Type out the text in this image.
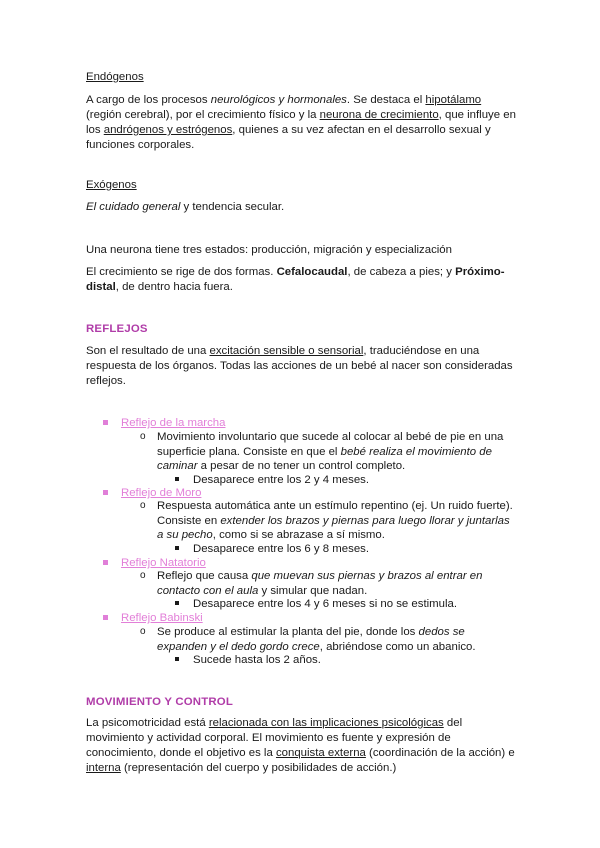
Endógenos

A cargo de los procesos neurológicos y hormonales. Se destaca el hipotálamo (región cerebral), por el crecimiento físico y la neurona de crecimiento, que influye en los andrógenos y estrógenos, quienes a su vez afectan en el desarrollo sexual y funciones corporales.

Exógenos

El cuidado general y tendencia secular.

Una neurona tiene tres estados: producción, migración y especialización

El crecimiento se rige de dos formas. Cefalocaudal, de cabeza a pies; y Próximo-distal, de dentro hacia fuera.

REFLEJOS

Son el resultado de una excitación sensible o sensorial, traduciéndose en una respuesta de los órganos. Todas las acciones de un bebé al nacer son consideradas reflejos.

Reflejo de la marcha
o Movimiento involuntario que sucede al colocar al bebé de pie en una superficie plana. Consiste en que el bebé realiza el movimiento de caminar a pesar de no tener un control completo.
Desaparece entre los 2 y 4 meses.
Reflejo de Moro
o Respuesta automática ante un estímulo repentino (ej. Un ruido fuerte). Consiste en extender los brazos y piernas para luego llorar y juntarlas a su pecho, como si se abrazase a sí mismo.
Desaparece entre los 6 y 8 meses.
Reflejo Natatorio
o Reflejo que causa que muevan sus piernas y brazos al entrar en contacto con el aula y simular que nadan.
Desaparece entre los 4 y 6 meses si no se estimula.
Reflejo Babinski
o Se produce al estimular la planta del pie, donde los dedos se expanden y el dedo gordo crece, abriéndose como un abanico.
Sucede hasta los 2 años.

MOVIMIENTO Y CONTROL

La psicomotricidad está relacionada con las implicaciones psicológicas del movimiento y actividad corporal. El movimiento es fuente y expresión de conocimiento, donde el objetivo es la conquista externa (coordinación de la acción) e interna (representación del cuerpo y posibilidades de acción.)
